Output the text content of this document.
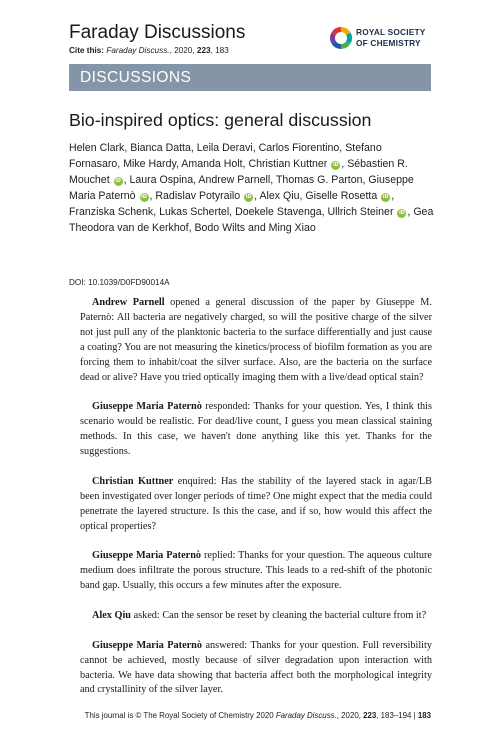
Faraday Discussions
Cite this: Faraday Discuss., 2020, 223, 183
ROYAL SOCIETY
OF CHEMISTRY
DISCUSSIONS
Bio-inspired optics: general discussion
Helen Clark, Bianca Datta, Leila Deravi, Carlos Fiorentino, Stefano Fornasaro, Mike Hardy, Amanda Holt, Christian Kuttner iD , Sébastien R. Mouchet iD , Laura Ospina, Andrew Parnell, Thomas G. Parton, Giuseppe Maria Paternò iD , Radislav Potyrailo iD , Alex Qiu, Giselle Rosetta iD , Franziska Schenk, Lukas Schertel, Doekele Stavenga, Ullrich Steiner iD , Gea Theodora van de Kerkhof, Bodo Wilts and Ming Xiao
DOI: 10.1039/D0FD90014A

Andrew Parnell opened a general discussion of the paper by Giuseppe M. Paternò: All bacteria are negatively charged, so will the positive charge of the silver not just pull any of the planktonic bacteria to the surface differentially and just cause a coating? You are not measuring the kinetics/process of biofilm formation as you are forcing them to inhabit/coat the silver surface. Also, are the bacteria on the surface dead or alive? Have you tried optically imaging them with a live/dead optical stain?

Giuseppe Maria Paternò responded: Thanks for your question. Yes, I think this scenario would be realistic. For dead/live count, I guess you mean classical staining methods. In this case, we haven't done anything like this yet. Thanks for the suggestions.

Christian Kuttner enquired: Has the stability of the layered stack in agar/LB been investigated over longer periods of time? One might expect that the media could penetrate the layered structure. Is this the case, and if so, how would this affect the optical properties?

Giuseppe Maria Paternò replied: Thanks for your question. The aqueous culture medium does infiltrate the porous structure. This leads to a red-shift of the photonic band gap. Usually, this occurs a few minutes after the exposure.

Alex Qiu asked: Can the sensor be reset by cleaning the bacterial culture from it?

Giuseppe Maria Paternò answered: Thanks for your question. Full reversibility cannot be achieved, mostly because of silver degradation upon interaction with bacteria. We have data showing that bacteria affect both the morphological integrity and crystallinity of the silver layer.

This journal is © The Royal Society of Chemistry 2020 Faraday Discuss., 2020, 223, 183–194 | 183
